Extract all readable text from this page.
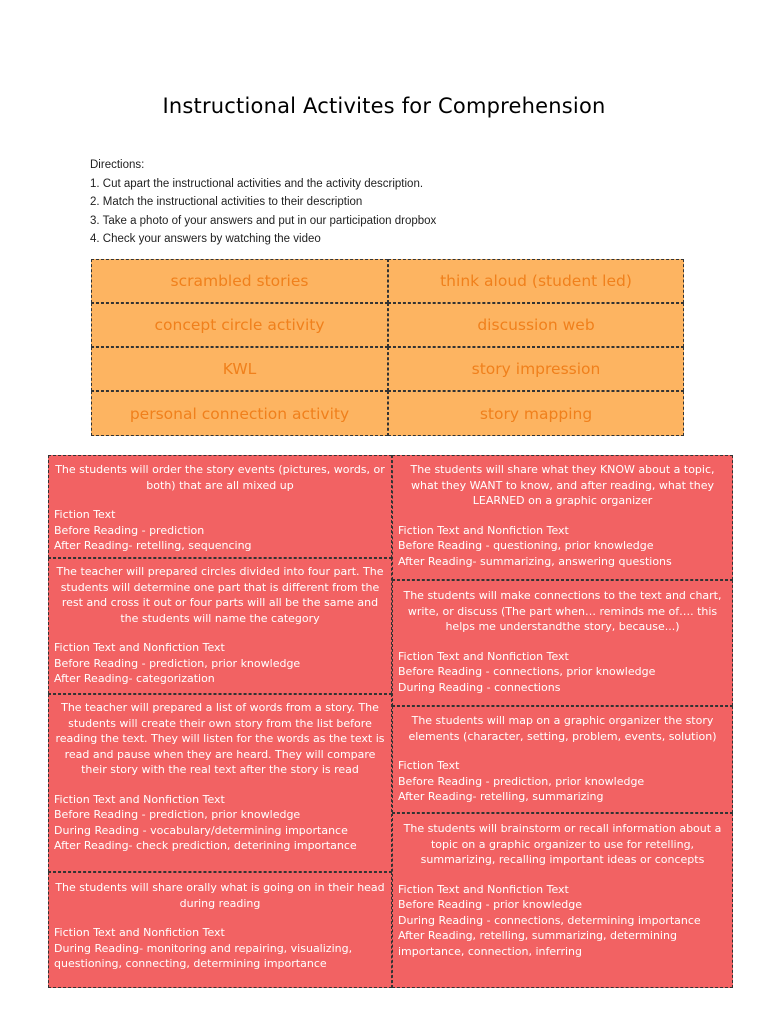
Instructional Activites for Comprehension
Directions:
1. Cut apart the instructional activities and the activity description.
2. Match the instructional activities to their description
3. Take a photo of your answers and put in our participation dropbox
4. Check your answers by watching the video
scrambled stories	think aloud (student led)
concept circle activity	discussion web
KWL	story impression
personal connection activity	story mapping
The students will order the story events (pictures, words, or both) that are all mixed up
Fiction Text
Before Reading - prediction
After Reading- retelling, sequencing
The teacher will prepared circles divided into four part. The students will determine one part that is different from the rest and cross it out or four parts will all be the same and the students will name the category
Fiction Text and Nonfiction Text
Before Reading - prediction, prior knowledge
After Reading- categorization
The teacher will prepared a list of words from a story. The students will create their own story from the list before reading the text. They will listen for the words as the text is read and pause when they are heard. They will compare their story with the real text after the story is read
Fiction Text and Nonfiction Text
Before Reading - prediction, prior knowledge
During Reading - vocabulary/determining importance
After Reading- check prediction, deterining importance
The students will share orally what is going on in their head during reading
Fiction Text and Nonfiction Text
During Reading- monitoring and repairing, visualizing, questioning, connecting, determining importance
The students will share what they KNOW about a topic, what they WANT to know, and after reading, what they LEARNED on a graphic organizer
Fiction Text and Nonfiction Text
Before Reading - questioning, prior knowledge
After Reading- summarizing, answering questions
The students will make connections to the text and chart, write, or discuss (The part when… reminds me of…. this helps me understandthe story, because...)
Fiction Text and Nonfiction Text
Before Reading - connections, prior knowledge
During Reading - connections
The students will map on a graphic organizer the story elements (character, setting, problem, events, solution)
Fiction Text
Before Reading - prediction, prior knowledge
After Reading- retelling, summarizing
The students will brainstorm or recall information about a topic on a graphic organizer to use for retelling, summarizing, recalling important ideas or concepts
Fiction Text and Nonfiction Text
Before Reading - prior knowledge
During Reading - connections, determining importance
After Reading, retelling, summarizing, determining importance, connection, inferring
